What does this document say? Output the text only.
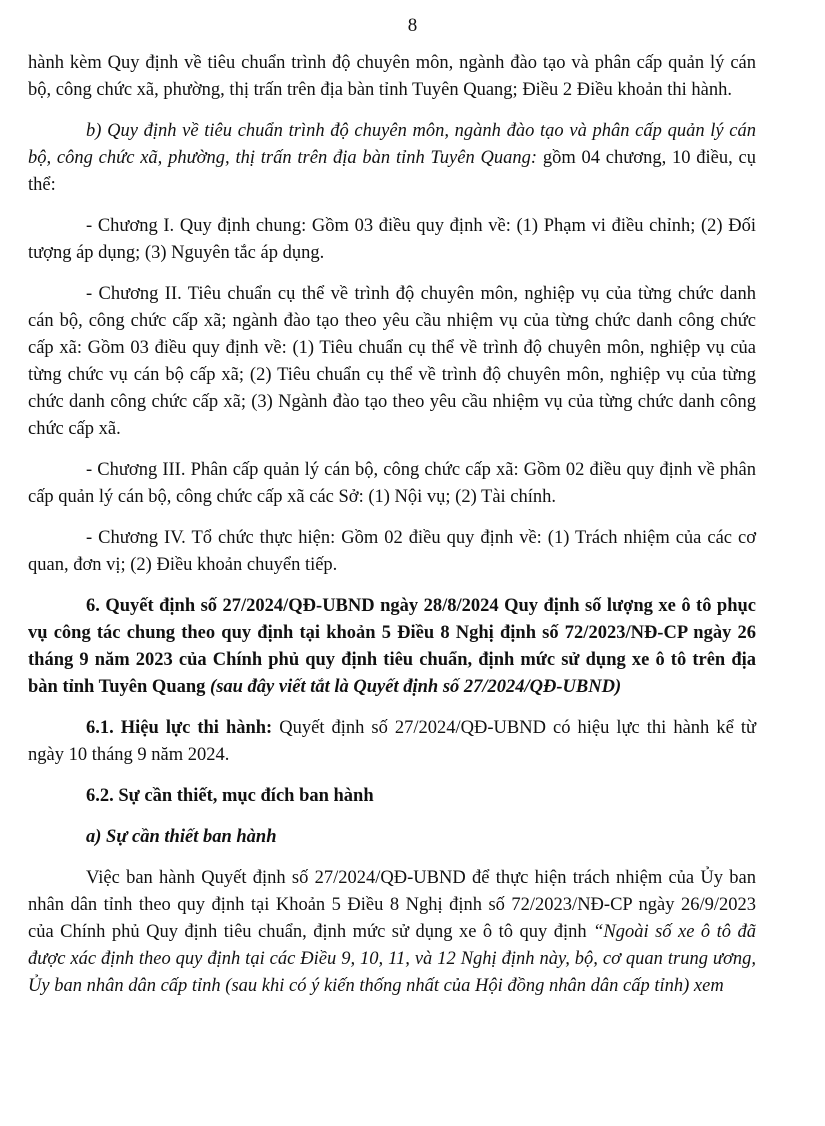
8

hành kèm Quy định về tiêu chuẩn trình độ chuyên môn, ngành đào tạo và phân cấp quản lý cán bộ, công chức xã, phường, thị trấn trên địa bàn tỉnh Tuyên Quang; Điều 2 Điều khoản thi hành.

b) Quy định về tiêu chuẩn trình độ chuyên môn, ngành đào tạo và phân cấp quản lý cán bộ, công chức xã, phường, thị trấn trên địa bàn tỉnh Tuyên Quang: gồm 04 chương, 10 điều, cụ thể:

- Chương I. Quy định chung: Gồm 03 điều quy định về: (1) Phạm vi điều chỉnh; (2) Đối tượng áp dụng; (3) Nguyên tắc áp dụng.

- Chương II. Tiêu chuẩn cụ thể về trình độ chuyên môn, nghiệp vụ của từng chức danh cán bộ, công chức cấp xã; ngành đào tạo theo yêu cầu nhiệm vụ của từng chức danh công chức cấp xã: Gồm 03 điều quy định về: (1) Tiêu chuẩn cụ thể về trình độ chuyên môn, nghiệp vụ của từng chức vụ cán bộ cấp xã; (2) Tiêu chuẩn cụ thể về trình độ chuyên môn, nghiệp vụ của từng chức danh công chức cấp xã; (3) Ngành đào tạo theo yêu cầu nhiệm vụ của từng chức danh công chức cấp xã.

- Chương III. Phân cấp quản lý cán bộ, công chức cấp xã: Gồm 02 điều quy định về phân cấp quản lý cán bộ, công chức cấp xã các Sở: (1) Nội vụ; (2) Tài chính.

- Chương IV. Tổ chức thực hiện: Gồm 02 điều quy định về: (1) Trách nhiệm của các cơ quan, đơn vị; (2) Điều khoản chuyển tiếp.

6. Quyết định số 27/2024/QĐ-UBND ngày 28/8/2024 Quy định số lượng xe ô tô phục vụ công tác chung theo quy định tại khoản 5 Điều 8 Nghị định số 72/2023/NĐ-CP ngày 26 tháng 9 năm 2023 của Chính phủ quy định tiêu chuẩn, định mức sử dụng xe ô tô trên địa bàn tỉnh Tuyên Quang (sau đây viết tắt là Quyết định số 27/2024/QĐ-UBND)

6.1. Hiệu lực thi hành: Quyết định số 27/2024/QĐ-UBND có hiệu lực thi hành kể từ ngày 10 tháng 9 năm 2024.

6.2. Sự cần thiết, mục đích ban hành

a) Sự cần thiết ban hành

Việc ban hành Quyết định số 27/2024/QĐ-UBND để thực hiện trách nhiệm của Ủy ban nhân dân tỉnh theo quy định tại Khoản 5 Điều 8 Nghị định số 72/2023/NĐ-CP ngày 26/9/2023 của Chính phủ Quy định tiêu chuẩn, định mức sử dụng xe ô tô quy định “Ngoài số xe ô tô đã được xác định theo quy định tại các Điều 9, 10, 11, và 12 Nghị định này, bộ, cơ quan trung ương, Ủy ban nhân dân cấp tỉnh (sau khi có ý kiến thống nhất của Hội đồng nhân dân cấp tỉnh) xem
